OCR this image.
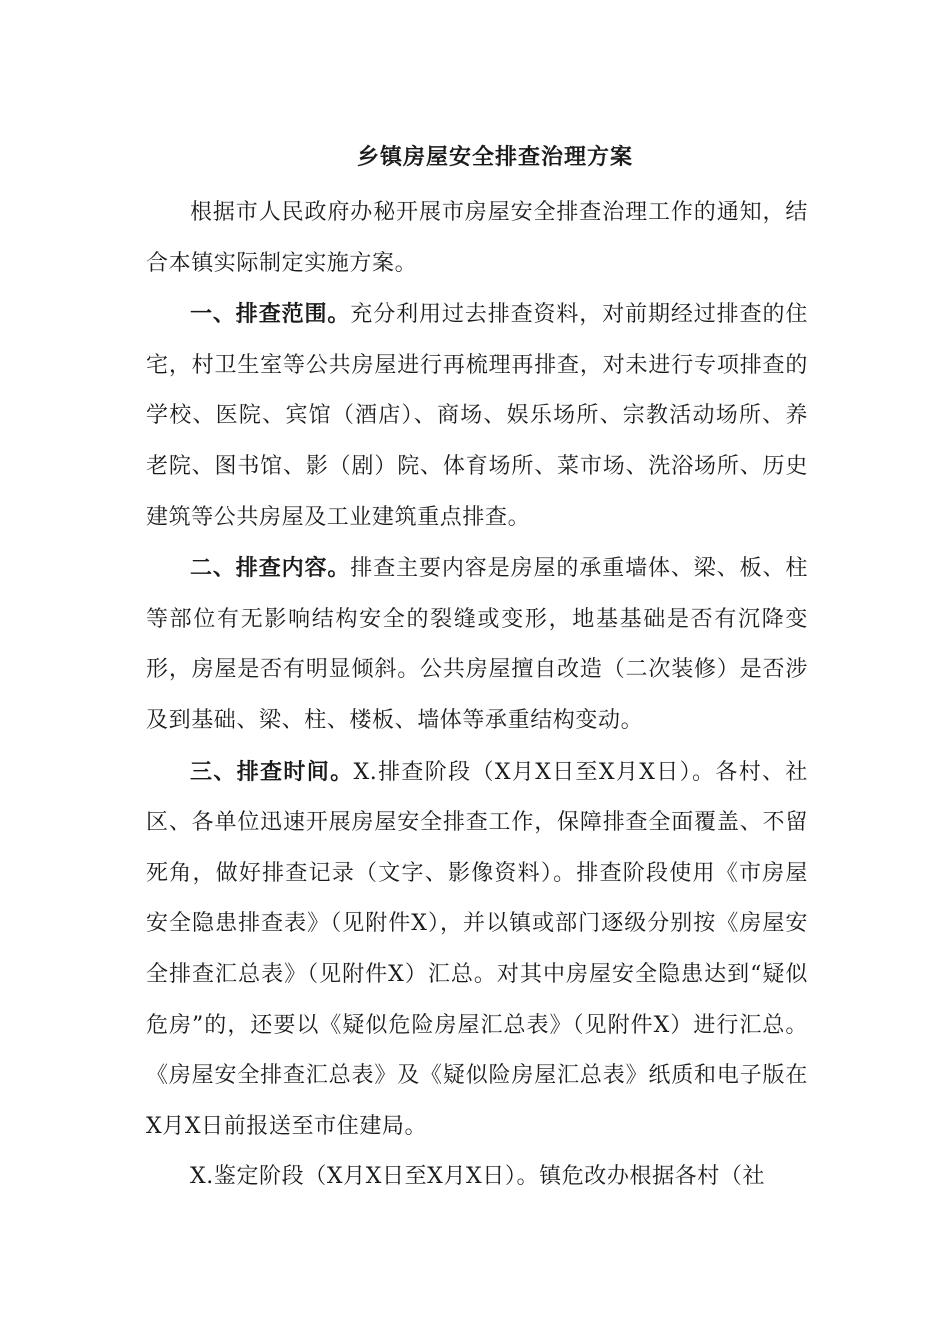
乡镇房屋安全排查治理方案

根据市人民政府办秘开展市房屋安全排查治理工作的通知，结合本镇实际制定实施方案。

一、排查范围。充分利用过去排查资料，对前期经过排查的住宅，村卫生室等公共房屋进行再梳理再排查，对未进行专项排查的学校、医院、宾馆（酒店）、商场、娱乐场所、宗教活动场所、养老院、图书馆、影（剧）院、体育场所、菜市场、洗浴场所、历史建筑等公共房屋及工业建筑重点排查。

二、排查内容。排查主要内容是房屋的承重墙体、梁、板、柱等部位有无影响结构安全的裂缝或变形，地基基础是否有沉降变形，房屋是否有明显倾斜。公共房屋擅自改造（二次装修）是否涉及到基础、梁、柱、楼板、墙体等承重结构变动。

三、排查时间。X.排查阶段（X月X日至X月X日）。各村、社区、各单位迅速开展房屋安全排查工作，保障排查全面覆盖、不留死角，做好排查记录（文字、影像资料）。排查阶段使用《市房屋安全隐患排查表》（见附件X），并以镇或部门逐级分别按《房屋安全排查汇总表》（见附件X）汇总。对其中房屋安全隐患达到“疑似危房”的，还要以《疑似危险房屋汇总表》（见附件X）进行汇总。《房屋安全排查汇总表》及《疑似险房屋汇总表》纸质和电子版在X月X日前报送至市住建局。

X.鉴定阶段（X月X日至X月X日）。镇危改办根据各村（社
